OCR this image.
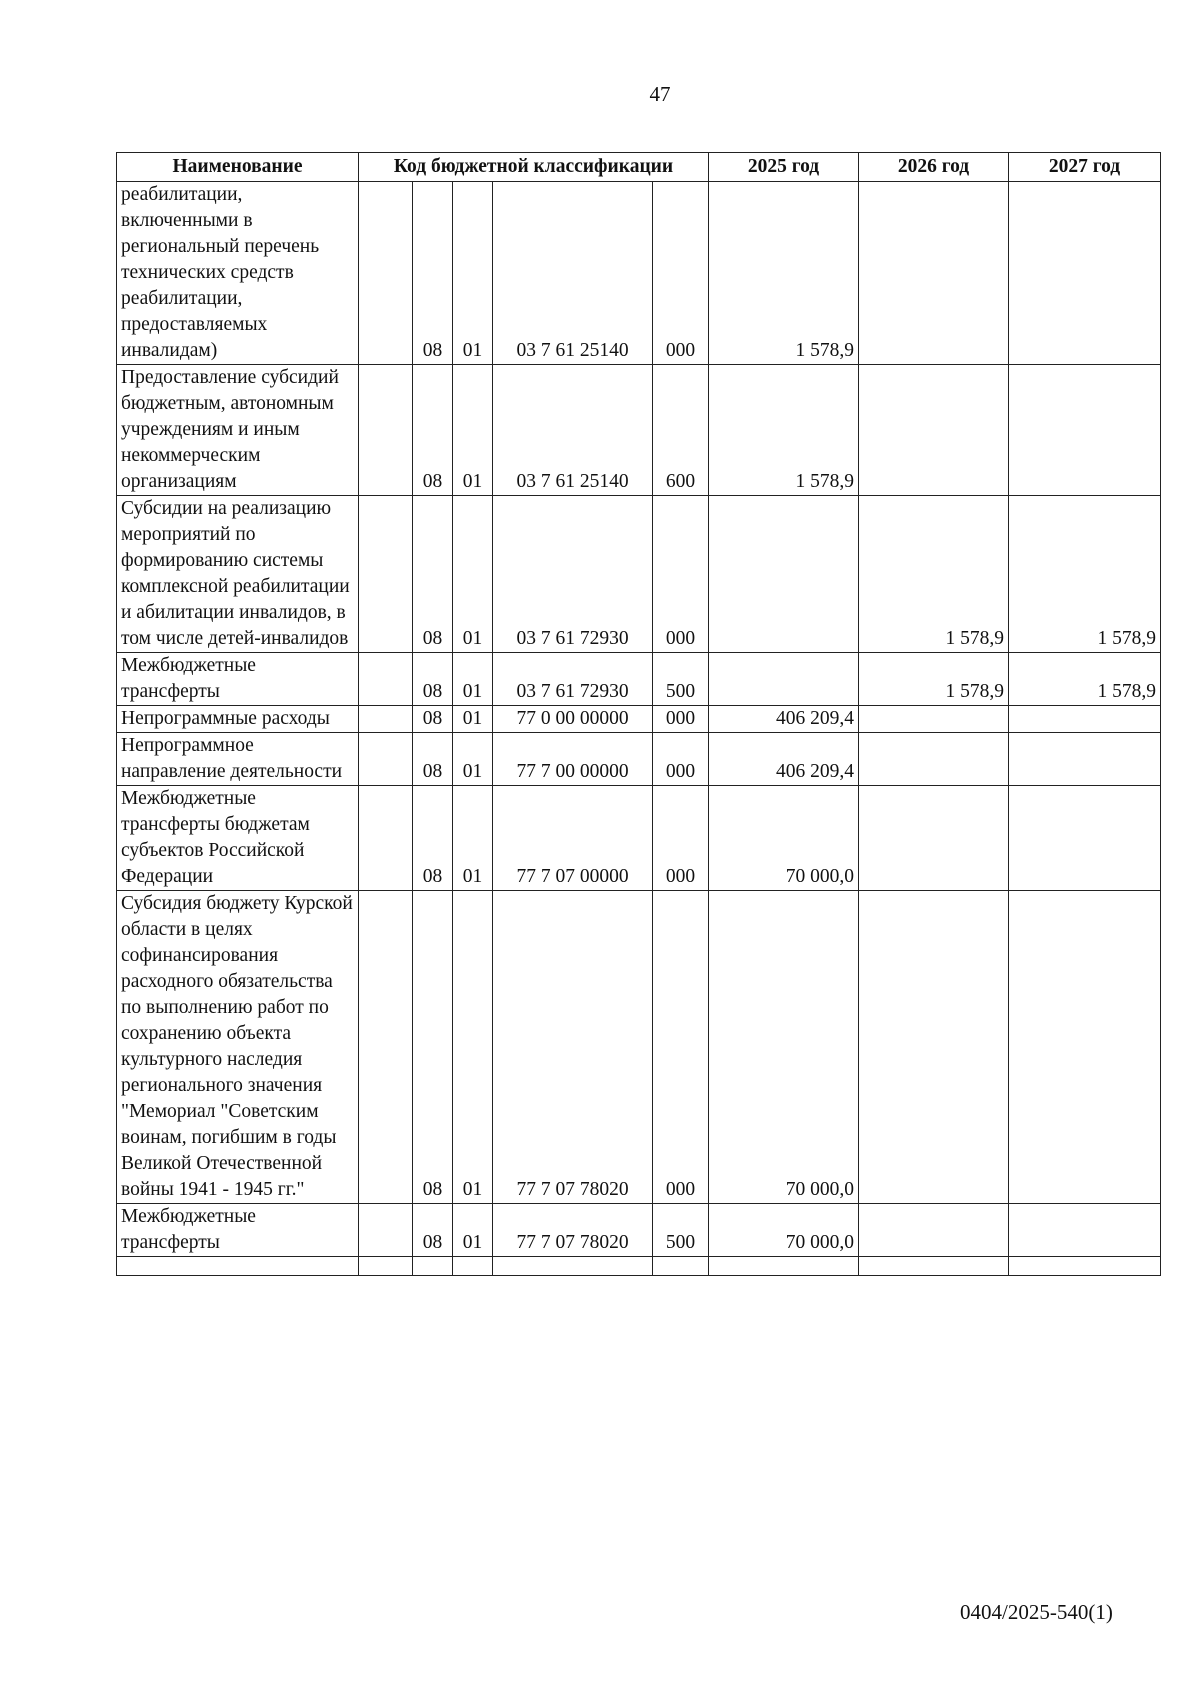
47
Наименование	Код бюджетной классификации					2025 год	2026 год	2027 год
реабилитации, включенными в региональный перечень технических средств реабилитации, предоставляемых инвалидам)		08	01	03 7 61 25140	000	1 578,9		
Предоставление субсидий бюджетным, автономным учреждениям и иным некоммерческим организациям		08	01	03 7 61 25140	600	1 578,9		
Субсидии на реализацию мероприятий по формированию системы комплексной реабилитации и абилитации инвалидов, в том числе детей-инвалидов		08	01	03 7 61 72930	000		1 578,9	1 578,9
Межбюджетные трансферты		08	01	03 7 61 72930	500		1 578,9	1 578,9
Непрограммные расходы		08	01	77 0 00 00000	000	406 209,4		
Непрограммное направление деятельности		08	01	77 7 00 00000	000	406 209,4		
Межбюджетные трансферты бюджетам субъектов Российской Федерации		08	01	77 7 07 00000	000	70 000,0		
Субсидия бюджету Курской области в целях софинансирования расходного обязательства по выполнению работ по сохранению объекта культурного наследия регионального значения "Мемориал "Советским воинам, погибшим в годы Великой Отечественной войны 1941 - 1945 гг."		08	01	77 7 07 78020	000	70 000,0		
Межбюджетные трансферты		08	01	77 7 07 78020	500	70 000,0		

0404/2025-540(1)
